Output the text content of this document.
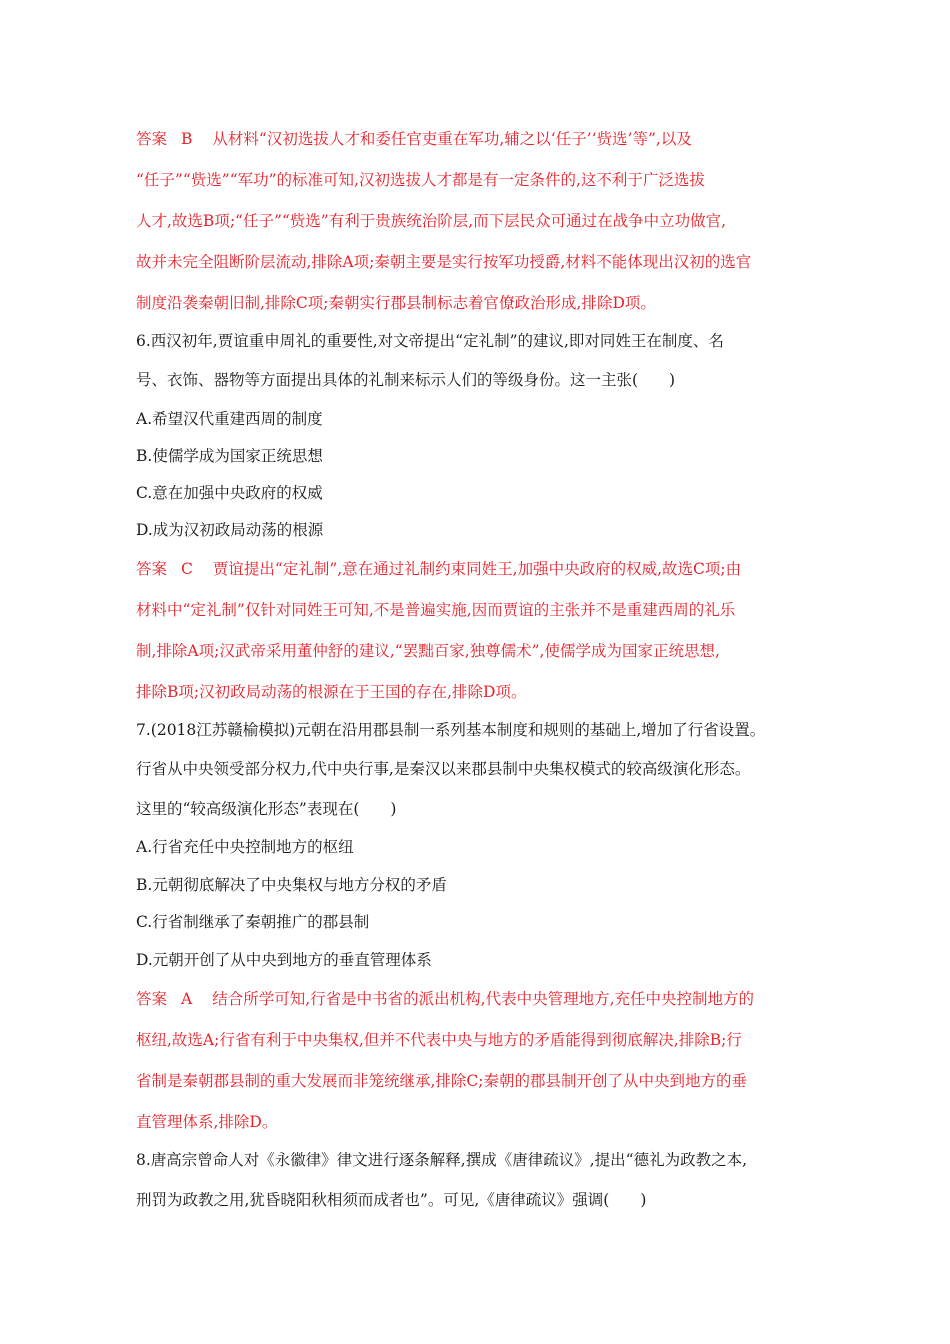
答案 B 从材料“汉初选拔人才和委任官吏重在军功,辅之以‘任子’‘赀选’等”,以及
“任子”“赀选”“军功”的标准可知,汉初选拔人才都是有一定条件的,这不利于广泛选拔
人才,故选B项;“任子”“赀选”有利于贵族统治阶层,而下层民众可通过在战争中立功做官,
故并未完全阻断阶层流动,排除A项;秦朝主要是实行按军功授爵,材料不能体现出汉初的选官
制度沿袭秦朝旧制,排除C项;秦朝实行郡县制标志着官僚政治形成,排除D项。
6.西汉初年,贾谊重申周礼的重要性,对文帝提出“定礼制”的建议,即对同姓王在制度、名
号、衣饰、器物等方面提出具体的礼制来标示人们的等级身份。这一主张(　　)
A.希望汉代重建西周的制度
B.使儒学成为国家正统思想
C.意在加强中央政府的权威
D.成为汉初政局动荡的根源
答案 C 贾谊提出“定礼制”,意在通过礼制约束同姓王,加强中央政府的权威,故选C项;由
材料中“定礼制”仅针对同姓王可知,不是普遍实施,因而贾谊的主张并不是重建西周的礼乐
制,排除A项;汉武帝采用董仲舒的建议,“罢黜百家,独尊儒术”,使儒学成为国家正统思想,
排除B项;汉初政局动荡的根源在于王国的存在,排除D项。
7.(2018江苏赣榆模拟)元朝在沿用郡县制一系列基本制度和规则的基础上,增加了行省设置。
行省从中央领受部分权力,代中央行事,是秦汉以来郡县制中央集权模式的较高级演化形态。
这里的“较高级演化形态”表现在(　　)
A.行省充任中央控制地方的枢纽
B.元朝彻底解决了中央集权与地方分权的矛盾
C.行省制继承了秦朝推广的郡县制
D.元朝开创了从中央到地方的垂直管理体系
答案 A 结合所学可知,行省是中书省的派出机构,代表中央管理地方,充任中央控制地方的
枢纽,故选A;行省有利于中央集权,但并不代表中央与地方的矛盾能得到彻底解决,排除B;行
省制是秦朝郡县制的重大发展而非笼统继承,排除C;秦朝的郡县制开创了从中央到地方的垂
直管理体系,排除D。
8.唐高宗曾命人对《永徽律》律文进行逐条解释,撰成《唐律疏议》,提出“德礼为政教之本,
刑罚为政教之用,犹昏晓阳秋相须而成者也”。可见,《唐律疏议》强调(　　)
